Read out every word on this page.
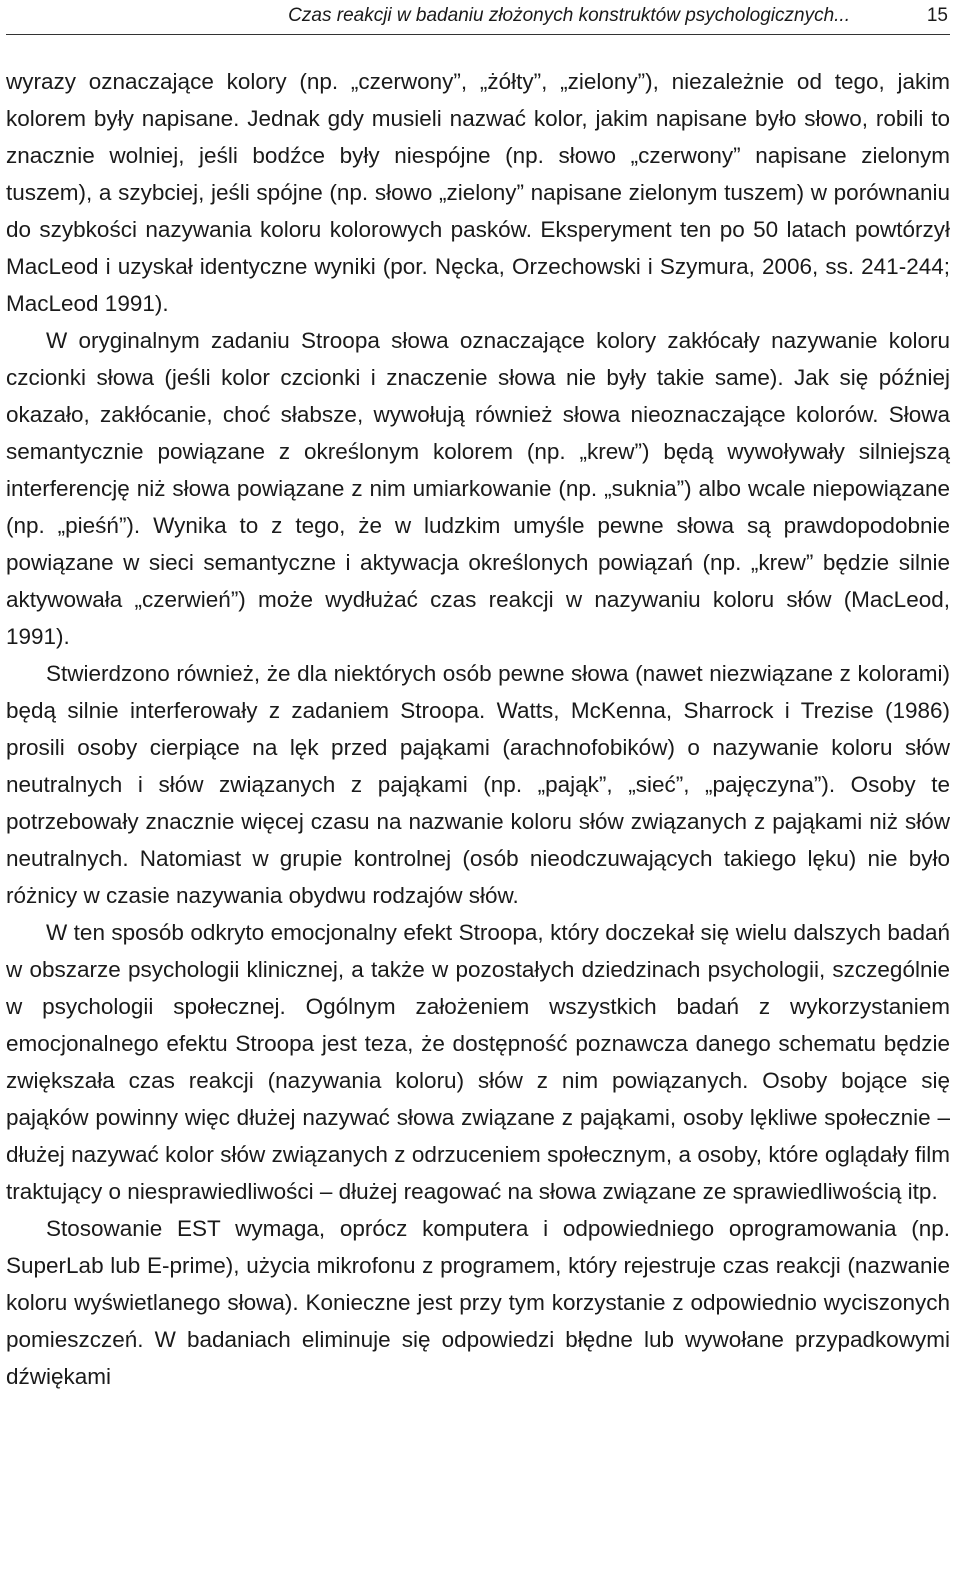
Czas reakcji w badaniu złożonych konstruktów psychologicznych...	15

wyrazy oznaczające kolory (np. „czerwony”, „żółty”, „zielony”), niezależnie od tego, jakim kolorem były napisane. Jednak gdy musieli nazwać kolor, jakim napisane było słowo, robili to znacznie wolniej, jeśli bodźce były niespójne (np. słowo „czerwony” napisane zielonym tuszem), a szybciej, jeśli spójne (np. słowo „zielony” napisane zielonym tuszem) w porównaniu do szybkości nazywania koloru kolorowych pasków. Eksperyment ten po 50 latach powtórzył MacLeod i uzyskał identyczne wyniki (por. Nęcka, Orzechowski i Szymura, 2006, ss. 241-244; MacLeod 1991).

W oryginalnym zadaniu Stroopa słowa oznaczające kolory zakłócały nazywanie koloru czcionki słowa (jeśli kolor czcionki i znaczenie słowa nie były takie same). Jak się później okazało, zakłócanie, choć słabsze, wywołują również słowa nieoznaczające kolorów. Słowa semantycznie powiązane z określonym kolorem (np. „krew”) będą wywoływały silniejszą interferencję niż słowa powiązane z nim umiarkowanie (np. „suknia”) albo wcale niepowiązane (np. „pieśń”). Wynika to z tego, że w ludzkim umyśle pewne słowa są prawdopodobnie powiązane w sieci semantyczne i aktywacja określonych powiązań (np. „krew” będzie silnie aktywowała „czerwień”) może wydłużać czas reakcji w nazywaniu koloru słów (MacLeod, 1991).

Stwierdzono również, że dla niektórych osób pewne słowa (nawet niezwiązane z kolorami) będą silnie interferowały z zadaniem Stroopa. Watts, McKenna, Sharrock i Trezise (1986) prosili osoby cierpiące na lęk przed pająkami (arachnofobików) o nazywanie koloru słów neutralnych i słów związanych z pająkami (np. „pająk”, „sieć”, „pajęczyna”). Osoby te potrzebowały znacznie więcej czasu na nazwanie koloru słów związanych z pająkami niż słów neutralnych. Natomiast w grupie kontrolnej (osób nieodczuwających takiego lęku) nie było różnicy w czasie nazywania obydwu rodzajów słów.

W ten sposób odkryto emocjonalny efekt Stroopa, który doczekał się wielu dalszych badań w obszarze psychologii klinicznej, a także w pozostałych dziedzinach psychologii, szczególnie w psychologii społecznej. Ogólnym założeniem wszystkich badań z wykorzystaniem emocjonalnego efektu Stroopa jest teza, że dostępność poznawcza danego schematu będzie zwiększała czas reakcji (nazywania koloru) słów z nim powiązanych. Osoby bojące się pająków powinny więc dłużej nazywać słowa związane z pająkami, osoby lękliwe społecznie – dłużej nazywać kolor słów związanych z odrzuceniem społecznym, a osoby, które oglądały film traktujący o niesprawiedliwości – dłużej reagować na słowa związane ze sprawiedliwością itp.

Stosowanie EST wymaga, oprócz komputera i odpowiedniego oprogramowania (np. SuperLab lub E-prime), użycia mikrofonu z programem, który rejestruje czas reakcji (nazwanie koloru wyświetlanego słowa). Konieczne jest przy tym korzystanie z odpowiednio wyciszonych pomieszczeń. W badaniach eliminuje się odpowiedzi błędne lub wywołane przypadkowymi dźwiękami
